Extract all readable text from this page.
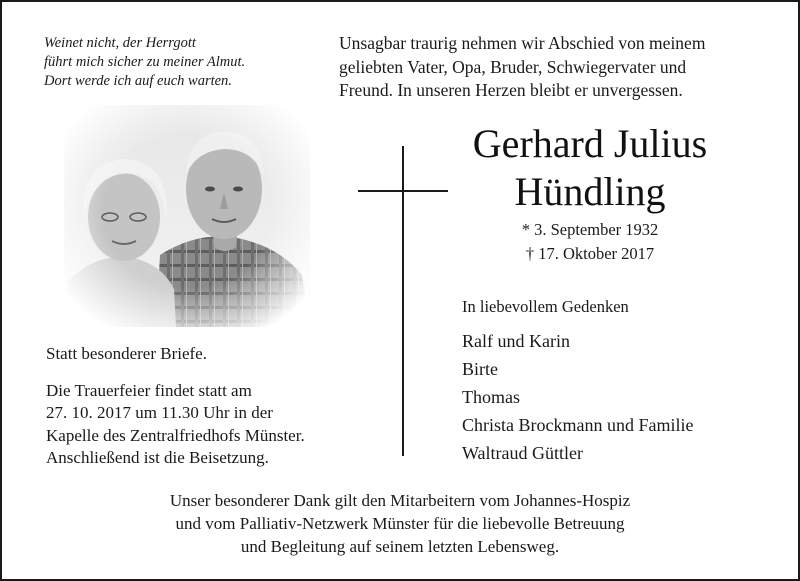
Weinet nicht, der Herrgott
führt mich sicher zu meiner Almut.
Dort werde ich auf euch warten.
Unsagbar traurig nehmen wir Abschied von meinem
geliebten Vater, Opa, Bruder, Schwiegervater und
Freund. In unseren Herzen bleibt er unvergessen.
Gerhard Julius
Hündling
* 3. September 1932
† 17. Oktober 2017
In liebevollem Gedenken
Ralf und Karin
Birte
Thomas
Christa Brockmann und Familie
Waltraud Güttler
Statt besonderer Briefe.
Die Trauerfeier findet statt am
27. 10. 2017 um 11.30 Uhr in der
Kapelle des Zentralfriedhofs Münster.
Anschließend ist die Beisetzung.
Unser besonderer Dank gilt den Mitarbeitern vom Johannes-Hospiz
und vom Palliativ-Netzwerk Münster für die liebevolle Betreuung
und Begleitung auf seinem letzten Lebensweg.
